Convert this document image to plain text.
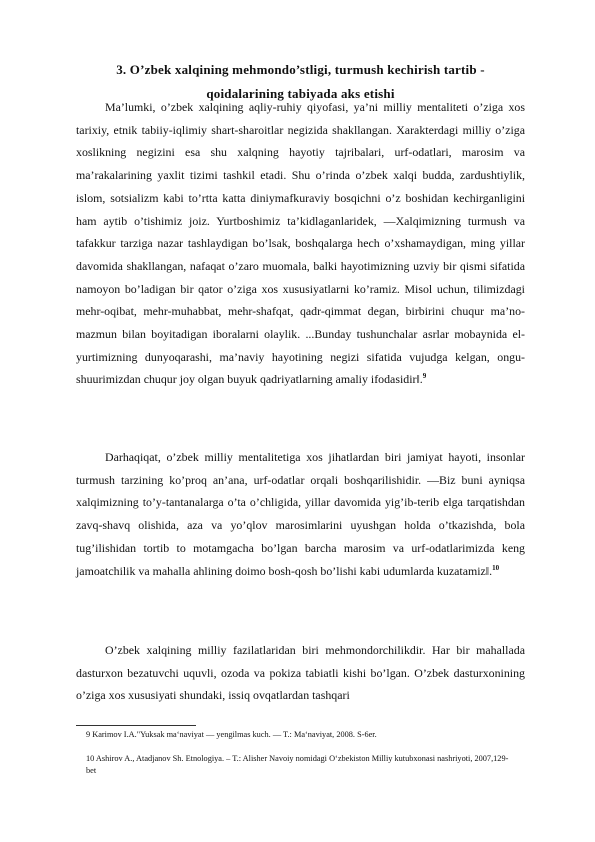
3. O’zbek xalqining mehmondo’stligi, turmush kechirish tartib -
qoidalarining tabiyada aks etishi

Ma’lumki, o’zbek xalqining aqliy-ruhiy qiyofasi, ya’ni milliy mentaliteti o’ziga xos tarixiy, etnik tabiiy-iqlimiy shart-sharoitlar negizida shakllangan. Xarakterdagi milliy o’ziga xoslikning negizini esa shu xalqning hayotiy tajribalari, urf-odatlari, marosim va ma’rakalarining yaxlit tizimi tashkil etadi. Shu o’rinda o’zbek xalqi budda, zardushtiylik, islom, sotsializm kabi to’rtta katta diniymafkuraviy bosqichni o’z boshidan kechirganligini ham aytib o’tishimiz joiz. Yurtboshimiz ta’kidlaganlaridek, ―Xalqimizning turmush va tafakkur tarziga nazar tashlaydigan bo’lsak, boshqalarga hech o’xshamaydigan, ming yillar davomida shakllangan, nafaqat o’zaro muomala, balki hayotimizning uzviy bir qismi sifatida namoyon bo’ladigan bir qator o’ziga xos xususiyatlarni ko’ramiz. Misol uchun, tilimizdagi mehr-oqibat, mehr-muhabbat, mehr-shafqat, qadr-qimmat degan, birbirini chuqur ma’no-mazmun bilan boyitadigan iboralarni olaylik. ...Bunday tushunchalar asrlar mobaynida el-yurtimizning dunyoqarashi, ma’naviy hayotining negizi sifatida vujudga kelgan, ongu-shuurimizdan chuqur joy olgan buyuk qadriyatlarning amaliy ifodasidir‖.$^9$

Darhaqiqat, o’zbek milliy mentalitetiga xos jihatlardan biri jamiyat hayoti, insonlar turmush tarzining ko’proq an’ana, urf-odatlar orqali boshqarilishidir. ―Biz buni ayniqsa xalqimizning to’y-tantanalarga o’ta o’chligida, yillar davomida yig’ib-terib elga tarqatishdan zavq-shavq olishida, aza va yo’qlov marosimlarini uyushgan holda o’tkazishda, bola tug’ilishidan tortib to motamgacha bo’lgan barcha marosim va urf-odatlarimizda keng jamoatchilik va mahalla ahlining doimo bosh-qosh bo’lishi kabi udumlarda kuzatamiz‖.$^{10}$

O’zbek xalqining milliy fazilatlaridan biri mehmondorchilikdir. Har bir mahallada dasturxon bezatuvchi uquvli, ozoda va pokiza tabiatli kishi bo’lgan. O’zbek dasturxonining o’ziga xos xususiyati shundaki, issiq ovqatlardan tashqari

9 Karimov I.A."Yuksak ma‘naviyat — yengilmas kuch. — T.: Ma‘naviyat, 2008. S-6er.

10 Ashirov A., Atadjanov Sh. Etnologiya. – T.: Alisher Navoiy nomidagi O‘zbekiston Milliy kutubxonasi nashriyoti, 2007,129-bet
